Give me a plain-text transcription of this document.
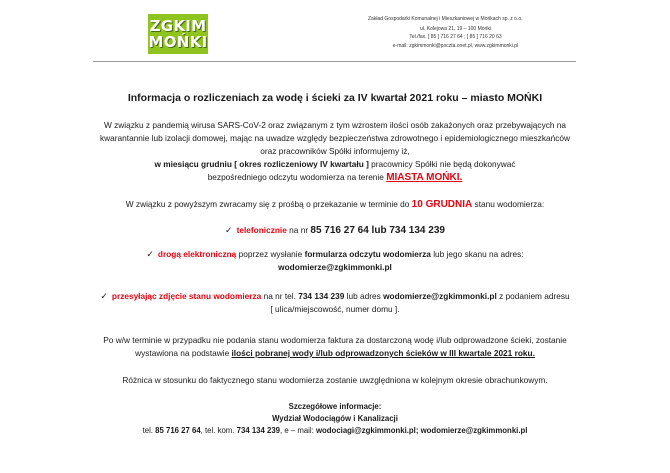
ZGKIM
MOŃKI
Zakład Gospodarki Komunalnej i Mieszkaniowej w Mońkach sp. z o.o.
ul. Kolejowa 21, 19 – 100 Mońki
Tel./fax. [ 85 ] 716 27 64 ; [ 85 ] 716 20 63
e-mail: zgkimmonki@poczta.onet.pl, www.zgkimmonki.pl
Informacja o rozliczeniach za wodę i ścieki za IV kwartał 2021 roku – miasto MOŃKI
W związku z pandemią wirusa SARS-CoV-2 oraz związanym z tym wzrostem ilości osób zakażonych oraz przebywających na
kwarantannie lub izolacji domowej, mając na uwadze względy bezpieczeństwa zdrowotnego i epidemiologicznego mieszkańców
oraz pracowników Spółki informujemy iż,
w miesiącu grudniu [ okres rozliczeniowy IV kwartału ] pracownicy Spółki nie będą dokonywać
bezpośredniego odczytu wodomierza na terenie MIASTA MOŃKI.
W związku z powyższym zwracamy się z prośbą o przekazanie w terminie do 10 GRUDNIA stanu wodomierza:
✓ telefonicznie na nr 85 716 27 64 lub 734 134 239
✓ drogą elektroniczną poprzez wysłanie formularza odczytu wodomierza lub jego skanu na adres:
wodomierze@zgkimmonki.pl
✓ przesyłając zdjęcie stanu wodomierza na nr tel. 734 134 239 lub adres wodomierze@zgkimmonki.pl z podaniem adresu
[ ulica/miejscowość, numer domu ].
Po w/w terminie w przypadku nie podania stanu wodomierza faktura za dostarczoną wodę i/lub odprowadzone ścieki, zostanie
wystawiona na podstawie ilości pobranej wody i/lub odprowadzonych ścieków w III kwartale 2021 roku.
Różnica w stosunku do faktycznego stanu wodomierza zostanie uwzględniona w kolejnym okresie obrachunkowym.
Szczegółowe informacje:
Wydział Wodociągów i Kanalizacji
tel. 85 716 27 64, tel. kom. 734 134 239, e – mail: wodociagi@zgkimmonki.pl; wodomierze@zgkimmonki.pl
